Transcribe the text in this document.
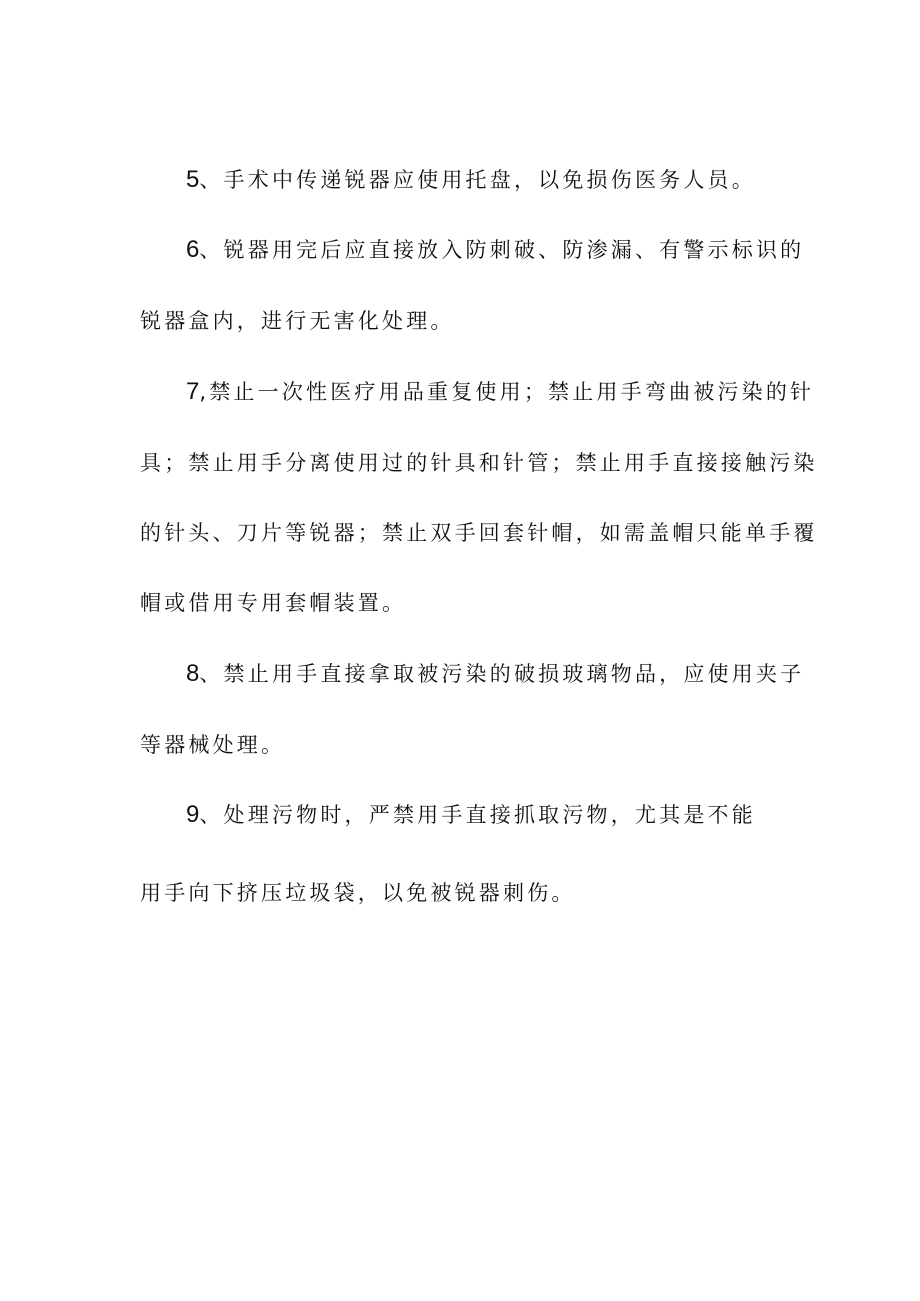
5、手术中传递锐器应使用托盘，以免损伤医务人员。
6、锐器用完后应直接放入防刺破、防渗漏、有警示标识的
锐器盒内，进行无害化处理。
7,禁止一次性医疗用品重复使用；禁止用手弯曲被污染的针
具；禁止用手分离使用过的针具和针管；禁止用手直接接触污染
的针头、刀片等锐器；禁止双手回套针帽，如需盖帽只能单手覆
帽或借用专用套帽装置。
8、禁止用手直接拿取被污染的破损玻璃物品，应使用夹子
等器械处理。
9、处理污物时，严禁用手直接抓取污物，尤其是不能
用手向下挤压垃圾袋，以免被锐器刺伤。
